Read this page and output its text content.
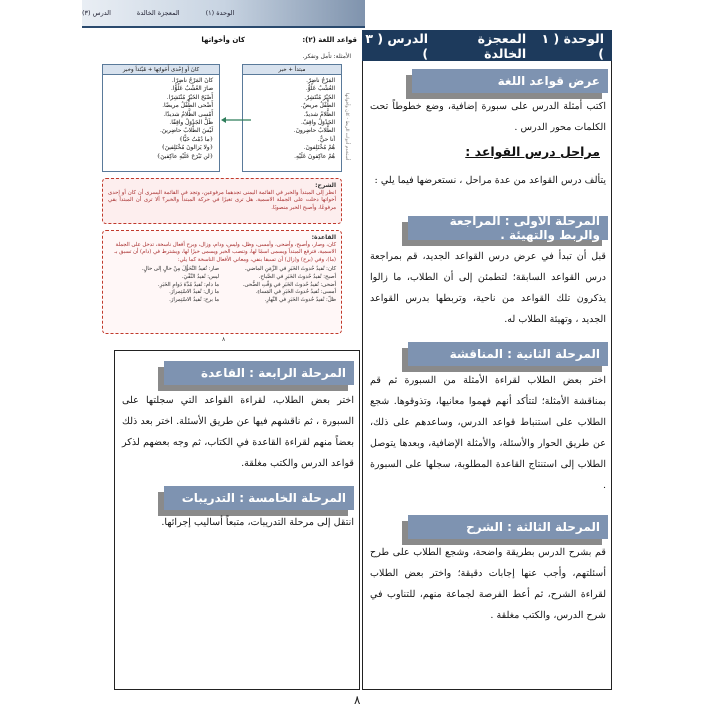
الوحدة (١)
المعجزة الخالدة
الدرس (٣)
قواعد اللغة (٢):
كان وأخواتها
الأمثلة: تأمل وتفكر.
مبتدأ + خبر
المَرْجُ ناضِرٌ.
العُشْبُ عَلُوٌّ.
الخَيْرُ مُنْتَشِرٌ.
الطِّفْلُ مريضٌ.
الظَّلامُ شديدٌ.
الجَدْوَلُ واقِفٌ.
الطُّلابُ حاضِرونَ.
أنا حيٌّ.
هُمْ مُخْتَلِفونَ.
هُمْ عاكِفونَ عَلَيْهِ.
كانَ أو إِحْدى أَخَواتِها + مُبْتَدأ وخبر
كانَ المَرْجُ ناضِرًا.
صارَ العُشْبُ عَلُوًّا.
أَصْبَحَ الخَيْرُ مُنْتَشِرًا.
أَضْحى الطِّفْلُ مريضًا.
أَمْسى الظَّلامُ شديدًا.
ظَلَّ الجَدْوَلُ واقِفًا.
لَيْسَ الطُّلابُ حاضِرينَ.
﴿ما دُمْتُ حَيًّا﴾
﴿ولا يَزالونَ مُخْتَلِفينَ﴾
﴿لن نَبْرَحَ عَلَيْهِ عاكِفينَ﴾	أستخدم أدوات الربط - كان وأخواتها
الشرح:
انظر إلى المبتدأ والخبر في القائمة اليمنى تجدهما مرفوعين، وتجد في القائمة اليسرى أن كان أو إحدى أخواتها دخلت على الجملة الاسمية. هل ترى تغيرًا في حركة المبتدأ والخبر؟ ألا ترى أن المبتدأ بقي مرفوعًا، وأصبح الخبر منصوبًا.
القاعدة:
كان، وصار، وأصبح، وأضحى، وأمسى، وظل، وليس، ودام، وزال، وبرح أفعال ناسخة، تدخل على الجملة الاسمية، فترفع المبتدأ ويسمى اسمًا لها، وتنصب الخبر ويسمى خبرًا لها، ويشترط في (دام) أن تسبق بـ (ما)، وفي (برح) و(زال) أن تسبقا بنفي، ومعاني الأفعال الناسخة كما يلي:
كان: تُفيدُ حُدوثَ الخَبَرِ في الزَّمَنِ الماضي.
صار: تُفيدُ التَّحَوُّلَ مِنْ حالٍ إلى حالٍ.
أصبح: تُفيدُ حُدوثَ الخَبَرِ في الصَّباحِ.
ليس: تُفيدُ النَّفْيَ.
أضحى: تُفيدُ حُدوثَ الخَبَرِ في وَقْتِ الضُّحى.
ما دام: تُفيدُ مُدَّةَ دَوامِ الخَبَرِ.
أمسى: تُفيدُ حُدوثَ الخَبَرِ في المَساءِ.
ما زال: تُفيدُ الاسْتِمرارَ.
ظلّ: تُفيدُ حُدوثَ الخَبَرِ في النَّهارِ.
ما برح: تُفيدُ الاسْتِمرارَ.
٨
الوحدة ( ١ )
المعجزة الخالدة
الدرس ( ٣ )
عرض قواعد اللغة
اكتب أمثلة الدرس على سبورة إضافية، وضع خطوطاً تحت الكلمات محور الدرس .
مراحل درس القواعد :
يتألف درس القواعد من عدة مراحل ، نستعرضها فيما يلي :
المرحلة الأولى : المراجعة والربط والتهيئة .
قبل أن تبدأ في عرض درس القواعد الجديد، قم بمراجعة درس القواعد السابقة؛ لتطمئن إلى أن الطلاب، ما زالوا يذكرون تلك القواعد من ناحية، وتربطها بدرس القواعد الجديد ، وتهيئة الطلاب له.
المرحلة الثانية : المناقشة
اختر بعض الطلاب لقراءة الأمثلة من السبورة ثم قم بمناقشة الأمثلة؛ لتتأكد أنهم فهموا معانيها، وتذوقوها. شجع الطلاب على استنباط قواعد الدرس، وساعدهم على ذلك، عن طريق الحوار والأسئلة، والأمثلة الإضافية، وبعدها يتوصل الطلاب إلى استنتاج القاعدة المطلوبة، سجلها على السبورة .
المرحلة الثالثة : الشرح
قم بشرح الدرس بطريقة واضحة، وشجع الطلاب على طرح أسئلتهم، وأجب عنها إجابات دقيقة؛ واختر بعض الطلاب لقراءة الشرح، ثم أعط الفرصة لجماعة منهم، للتناوب في شرح الدرس، والكتب مغلقة .
المرحلة الرابعة : القاعدة
اختر بعض الطلاب، لقراءة القواعد التي سجلتها على السبورة ، ثم ناقشهم فيها عن طريق الأسئلة. اختر بعد ذلك بعضاً منهم لقراءة القاعدة في الكتاب، ثم وجه بعضهم لذكر قواعد الدرس والكتب مغلقة.
المرحلة الخامسة : التدريبات
انتقل إلى مرحلة التدريبات، متبعاً أساليب إجرائها.
٨
